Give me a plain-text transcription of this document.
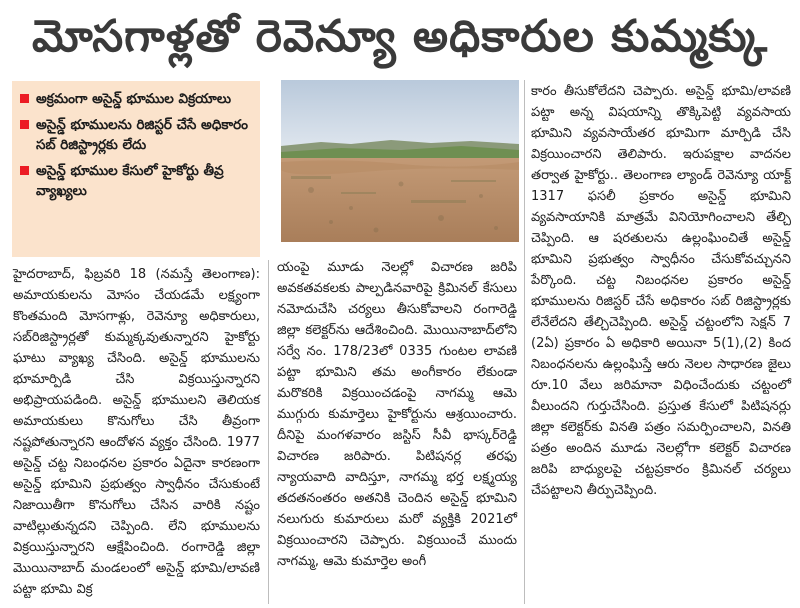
మోసగాళ్లతో రెవెన్యూ అధికారుల కుమ్మక్కు
అక్రమంగా అసైన్డ్ భూముల విక్రయాలు
అసైన్డ్ భూములను రిజిస్టర్ చేసే అధికారం సబ్ రిజిస్ట్రార్లకు లేదు
అసైన్డ్ భూముల కేసులో హైకోర్టు తీవ్ర వ్యాఖ్యలు

హైదరాబాద్, ఫిబ్రవరి 18 (నమస్తే తెలంగాణ): అమాయకులను మోసం చేయడమే లక్ష్యంగా కొంతమంది మోసగాళ్లు, రెవెన్యూ అధికారులు, సబ్‌రిజిస్ట్రార్లతో కుమ్మక్కవుతున్నారని హైకోర్టు ఘాటు వ్యాఖ్య చేసింది. అసైన్డ్ భూములను భూమార్పిడి చేసి విక్రయిస్తున్నారని అభిప్రాయపడింది. అసైన్డ్ భూములని తెలియక అమాయకులు కొనుగోలు చేసి తీవ్రంగా నష్టపోతున్నారని ఆందోళన వ్యక్తం చేసింది. 1977 అసైన్డ్ చట్ట నిబంధనల ప్రకారం ఏదైనా కారణంగా అసైన్డ్ భూమిని ప్రభుత్వం స్వాధీనం చేసుకుంటే నిజాయితీగా కొనుగోలు చేసిన వారికి నష్టం వాటిల్లుతున్నదని చెప్పింది. లేని భూములను విక్రయిస్తున్నారని ఆక్షేపించింది. రంగారెడ్డి జిల్లా మొయినాబాద్ మండలంలో అసైన్డ్ భూమి/లావణి పట్టా భూమి విక్ర

యంపై మూడు నెలల్లో విచారణ జరిపి అవకతవకలకు పాల్పడినవారిపై క్రిమినల్ కేసులు నమోదుచేసి చర్యలు తీసుకోవాలని రంగారెడ్డి జిల్లా కలెక్టర్‌ను ఆదేశించింది. మొయినాబాద్‌లోని సర్వే నం. 178/23లో 0335 గుంటల లావణి పట్టా భూమిని తమ అంగీకారం లేకుండా మరొకరికి విక్రయించడంపై నాగమ్మ ఆమె ముగ్గురు కుమార్తెలు హైకోర్టును ఆశ్రయించారు. దీనిపై మంగళవారం జస్టిస్ సీవీ భాస్కర్‌రెడ్డి విచారణ జరిపారు. పిటిషనర్ల తరఫు న్యాయవాది వాదిస్తూ, నాగమ్మ భర్త లక్ష్మయ్య తదతనంతరం అతనికి చెందిన అసైన్డ్ భూమిని నలుగురు కుమారులు మరో వ్యక్తికి 2021లో విక్రయించారని చెప్పారు. విక్రయించే ముందు నాగమ్మ, ఆమె కుమార్తెల అంగీ

కారం తీసుకోలేదని చెప్పారు. అసైన్డ్ భూమి/లావణి పట్టా అన్న విషయాన్ని తొక్కిపెట్టి వ్యవసాయ భూమిని వ్యవసాయేతర భూమిగా మార్పిడి చేసి విక్రయించారని తెలిపారు. ఇరుపక్షాల వాదనల తర్వాత హైకోర్టు.. తెలంగాణ ల్యాండ్ రెవెన్యూ యాక్ట్ 1317 ఫసలీ ప్రకారం అసైన్డ్ భూమిని వ్యవసాయానికి మాత్రమే వినియోగించాలని తేల్చి చెప్పింది. ఆ షరతులను ఉల్లంఘించితే అసైన్డ్ భూమిని ప్రభుత్వం స్వాధీనం చేసుకోవచ్చునని పేర్కొంది. చట్ట నిబంధనల ప్రకారం అసైన్డ్ భూములను రిజిస్టర్ చేసే అధికారం సబ్ రిజిస్ట్రార్లకు లేనేలేదని తేల్చిచెప్పింది. అసైన్డ్ చట్టంలోని సెక్షన్ 7 (2ఏ) ప్రకారం ఏ అధికారి అయినా 5(1),(2) కింద నిబంధనలను ఉల్లంఘిస్తే ఆరు నెలల సాధారణ జైలు రూ.10 వేలు జరిమానా విధించేందుకు చట్టంలో వీలుందని గుర్తుచేసింది. ప్రస్తుత కేసులో పిటిషనర్లు జిల్లా కలెక్టర్‌కు వినతి పత్రం సమర్పించాలని, వినతి పత్రం అందిన మూడు నెలల్లోగా కలెక్టర్ విచారణ జరిపి బాధ్యులపై చట్టప్రకారం క్రిమినల్ చర్యలు చేపట్టాలని తీర్పుచెప్పింది.
